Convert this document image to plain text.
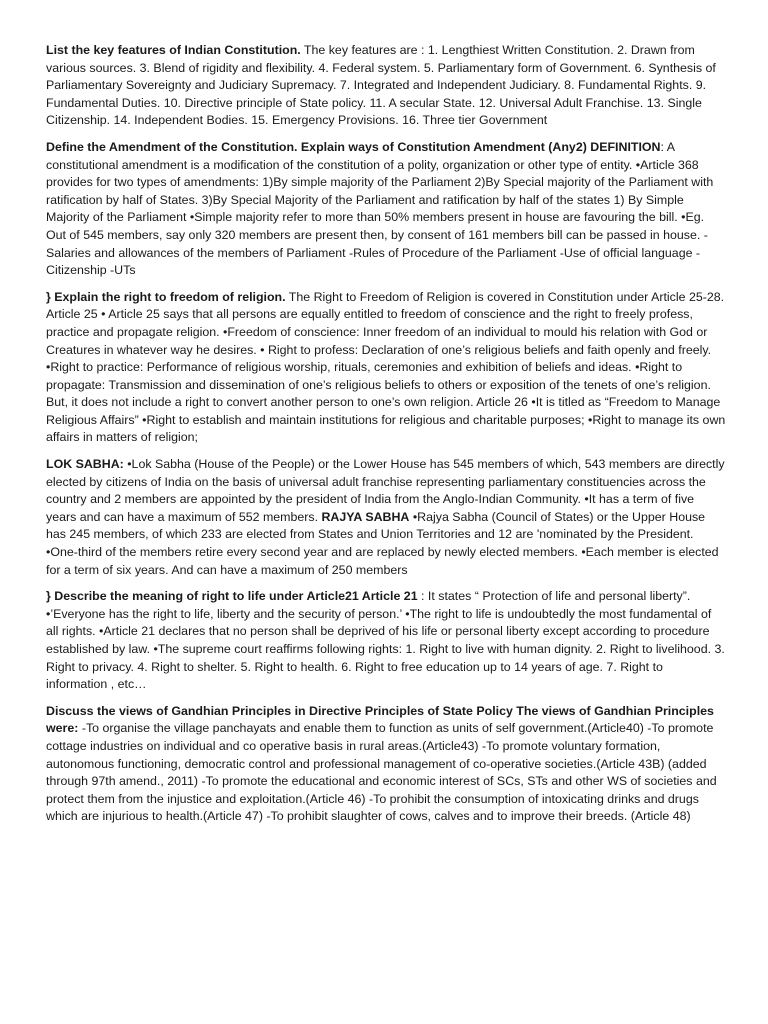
List the key features of Indian Constitution. The key features are : 1. Lengthiest Written Constitution. 2. Drawn from various sources. 3. Blend of rigidity and flexibility. 4. Federal system. 5. Parliamentary form of Government. 6. Synthesis of Parliamentary Sovereignty and Judiciary Supremacy. 7. Integrated and Independent Judiciary. 8. Fundamental Rights. 9. Fundamental Duties. 10. Directive principle of State policy. 11. A secular State. 12. Universal Adult Franchise. 13. Single Citizenship. 14. Independent Bodies. 15. Emergency Provisions. 16. Three tier Government

Define the Amendment of the Constitution. Explain ways of Constitution Amendment (Any2) DEFINITION: A constitutional amendment is a modification of the constitution of a polity, organization or other type of entity. •Article 368 provides for two types of amendments: 1)By simple majority of the Parliament 2)By Special majority of the Parliament with ratification by half of States. 3)By Special Majority of the Parliament and ratification by half of the states 1) By Simple Majority of the Parliament •Simple majority refer to more than 50% members present in house are favouring the bill. •Eg. Out of 545 members, say only 320 members are present then, by consent of 161 members bill can be passed in house. -Salaries and allowances of the members of Parliament -Rules of Procedure of the Parliament -Use of official language -Citizenship -UTs

} Explain the right to freedom of religion. The Right to Freedom of Religion is covered in Constitution under Article 25-28. Article 25 • Article 25 says that all persons are equally entitled to freedom of conscience and the right to freely profess, practice and propagate religion. •Freedom of conscience: Inner freedom of an individual to mould his relation with God or Creatures in whatever way he desires. • Right to profess: Declaration of one’s religious beliefs and faith openly and freely. •Right to practice: Performance of religious worship, rituals, ceremonies and exhibition of beliefs and ideas. •Right to propagate: Transmission and dissemination of one’s religious beliefs to others or exposition of the tenets of one’s religion. But, it does not include a right to convert another person to one’s own religion. Article 26 •It is titled as “Freedom to Manage Religious Affairs” •Right to establish and maintain institutions for religious and charitable purposes; •Right to manage its own affairs in matters of religion;

LOK SABHA: •Lok Sabha (House of the People) or the Lower House has 545 members of which, 543 members are directly elected by citizens of India on the basis of universal adult franchise representing parliamentary constituencies across the country and 2 members are appointed by the president of India from the Anglo-Indian Community. •It has a term of five years and can have a maximum of 552 members. RAJYA SABHA •Rajya Sabha (Council of States) or the Upper House has 245 members, of which 233 are elected from States and Union Territories and 12 are 'nominated by the President. •One-third of the members retire every second year and are replaced by newly elected members. •Each member is elected for a term of six years. And can have a maximum of 250 members

} Describe the meaning of right to life under Article21 Article 21 : It states “ Protection of life and personal liberty”. •’Everyone has the right to life, liberty and the security of person.’ •The right to life is undoubtedly the most fundamental of all rights. •Article 21 declares that no person shall be deprived of his life or personal liberty except according to procedure established by law. •The supreme court reaffirms following rights: 1. Right to live with human dignity. 2. Right to livelihood. 3. Right to privacy. 4. Right to shelter. 5. Right to health. 6. Right to free education up to 14 years of age. 7. Right to information , etc…

Discuss the views of Gandhian Principles in Directive Principles of State Policy The views of Gandhian Principles were: -To organise the village panchayats and enable them to function as units of self government.(Article40) -To promote cottage industries on individual and co operative basis in rural areas.(Article43) -To promote voluntary formation, autonomous functioning, democratic control and professional management of co-operative societies.(Article 43B) (added through 97th amend., 2011) -To promote the educational and economic interest of SCs, STs and other WS of societies and protect them from the injustice and exploitation.(Article 46) -To prohibit the consumption of intoxicating drinks and drugs which are injurious to health.(Article 47) -To prohibit slaughter of cows, calves and to improve their breeds. (Article 48)
